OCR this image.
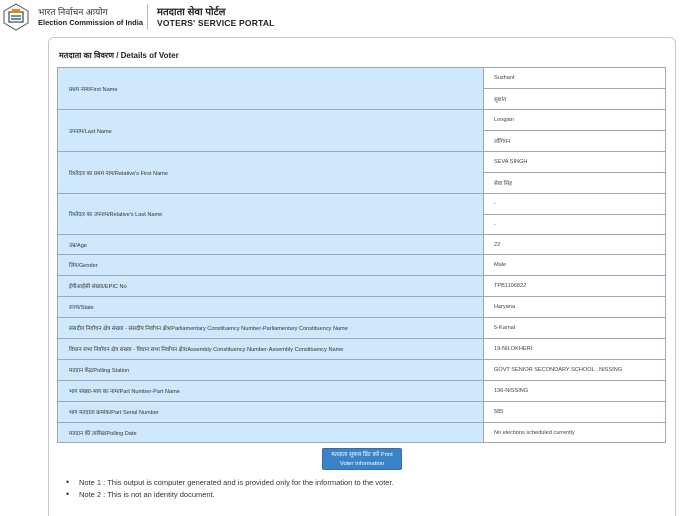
भारत निर्वाचन आयोग
Election Commission of India
मतदाता सेवा पोर्टल
VOTERS' SERVICE PORTAL
मतदाता का विवरण / Details of Voter
प्रथम नाम/First Name	Sushant
	सुशांत
उपनाम/Last Name	Longian
	लोंगियन
रिश्तेदार का प्रथम नाम/Relative's First Name	SEVA SINGH
	सेवा सिंह
रिश्तेदार का उपनाम/Relative's Last Name	-
	-
उम्र/Age	22
लिंग/Gender	Male
ईपीआईसी संख्या/EPIC No	TPB1106822
राज्य/State	Haryana
संसदीय निर्वाचन क्षेत्र संख्या - संसदीय निर्वाचन क्षेत्र/Parliamentary Constituency Number-Parliamentary Constituency Name	5-Karnal
विधान सभा निर्वाचन क्षेत्र संख्या - विधान सभा निर्वाचन क्षेत्र/Assembly Constituency Number-Assembly Constituency Name	19-NILOKHERI
मतदान केंद्र/Polling Station	GOVT SENIOR SECONDARY SCHOOL , NISSING
भाग संख्या-भाग का नाम/Part Number-Part Name	196-NISSING
भाग मतदाता क्रमांक/Part Serial Number	585
मतदान की तारीख/Polling Date	No elections scheduled currently
मतदाता सूचना प्रिंट करें Print
Voter Information
• Note 1 : This output is computer generated and is provided only for the information to the voter.
• Note 2 : This is not an identity document.
